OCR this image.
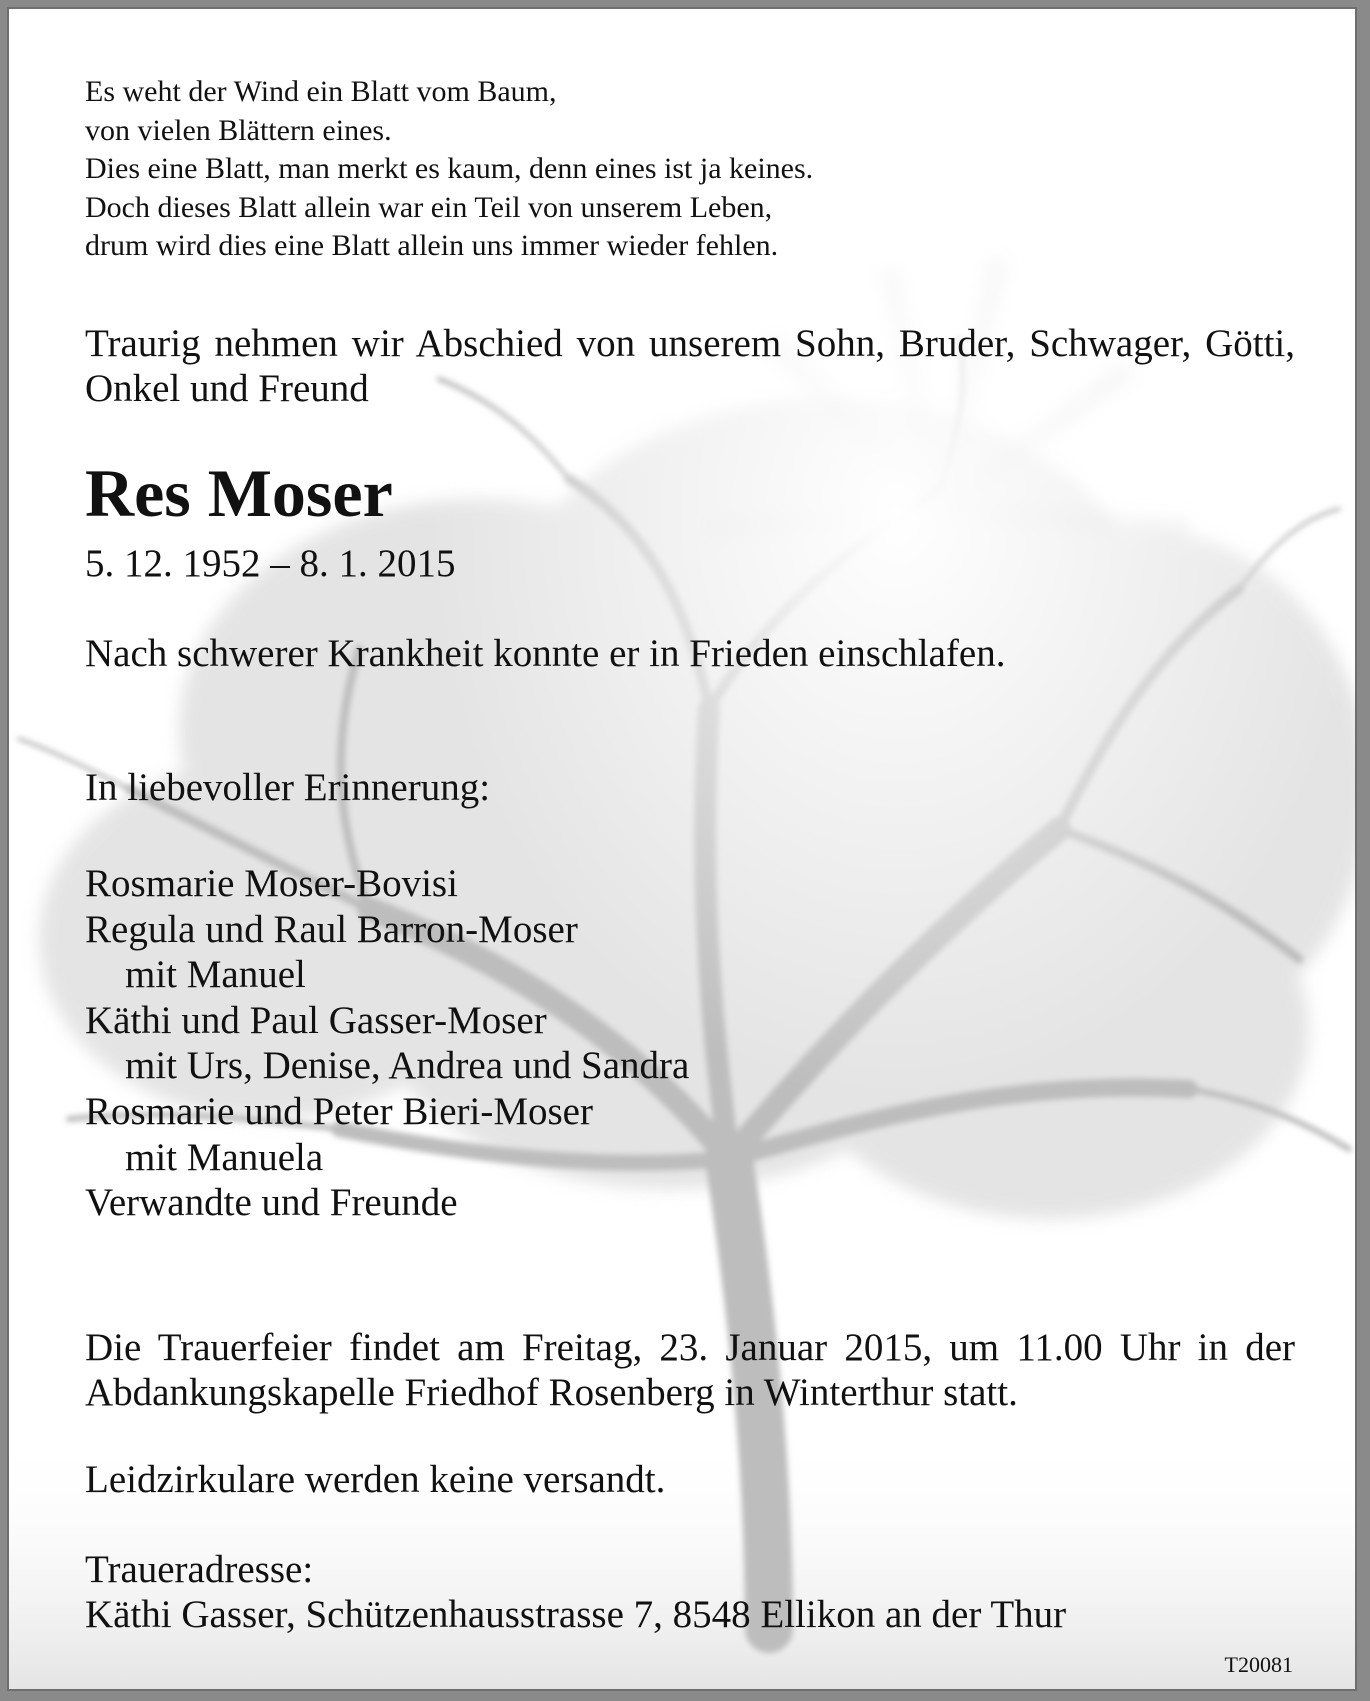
Es weht der Wind ein Blatt vom Baum,
von vielen Blättern eines.
Dies eine Blatt, man merkt es kaum, denn eines ist ja keines.
Doch dieses Blatt allein war ein Teil von unserem Leben,
drum wird dies eine Blatt allein uns immer wieder fehlen.
Traurig nehmen wir Abschied von unserem Sohn, Bruder, Schwager, Götti, Onkel und Freund
Res Moser
5. 12. 1952 – 8. 1. 2015
Nach schwerer Krankheit konnte er in Frieden einschlafen.
In liebevoller Erinnerung:
Rosmarie Moser-Bovisi
Regula und Raul Barron-Moser
mit Manuel
Käthi und Paul Gasser-Moser
mit Urs, Denise, Andrea und Sandra
Rosmarie und Peter Bieri-Moser
mit Manuela
Verwandte und Freunde
Die Trauerfeier findet am Freitag, 23. Januar 2015, um 11.00 Uhr in der Abdankungskapelle Friedhof Rosenberg in Winterthur statt.
Leidzirkulare werden keine versandt.
Traueradresse:
Käthi Gasser, Schützenhausstrasse 7, 8548 Ellikon an der Thur
T20081
